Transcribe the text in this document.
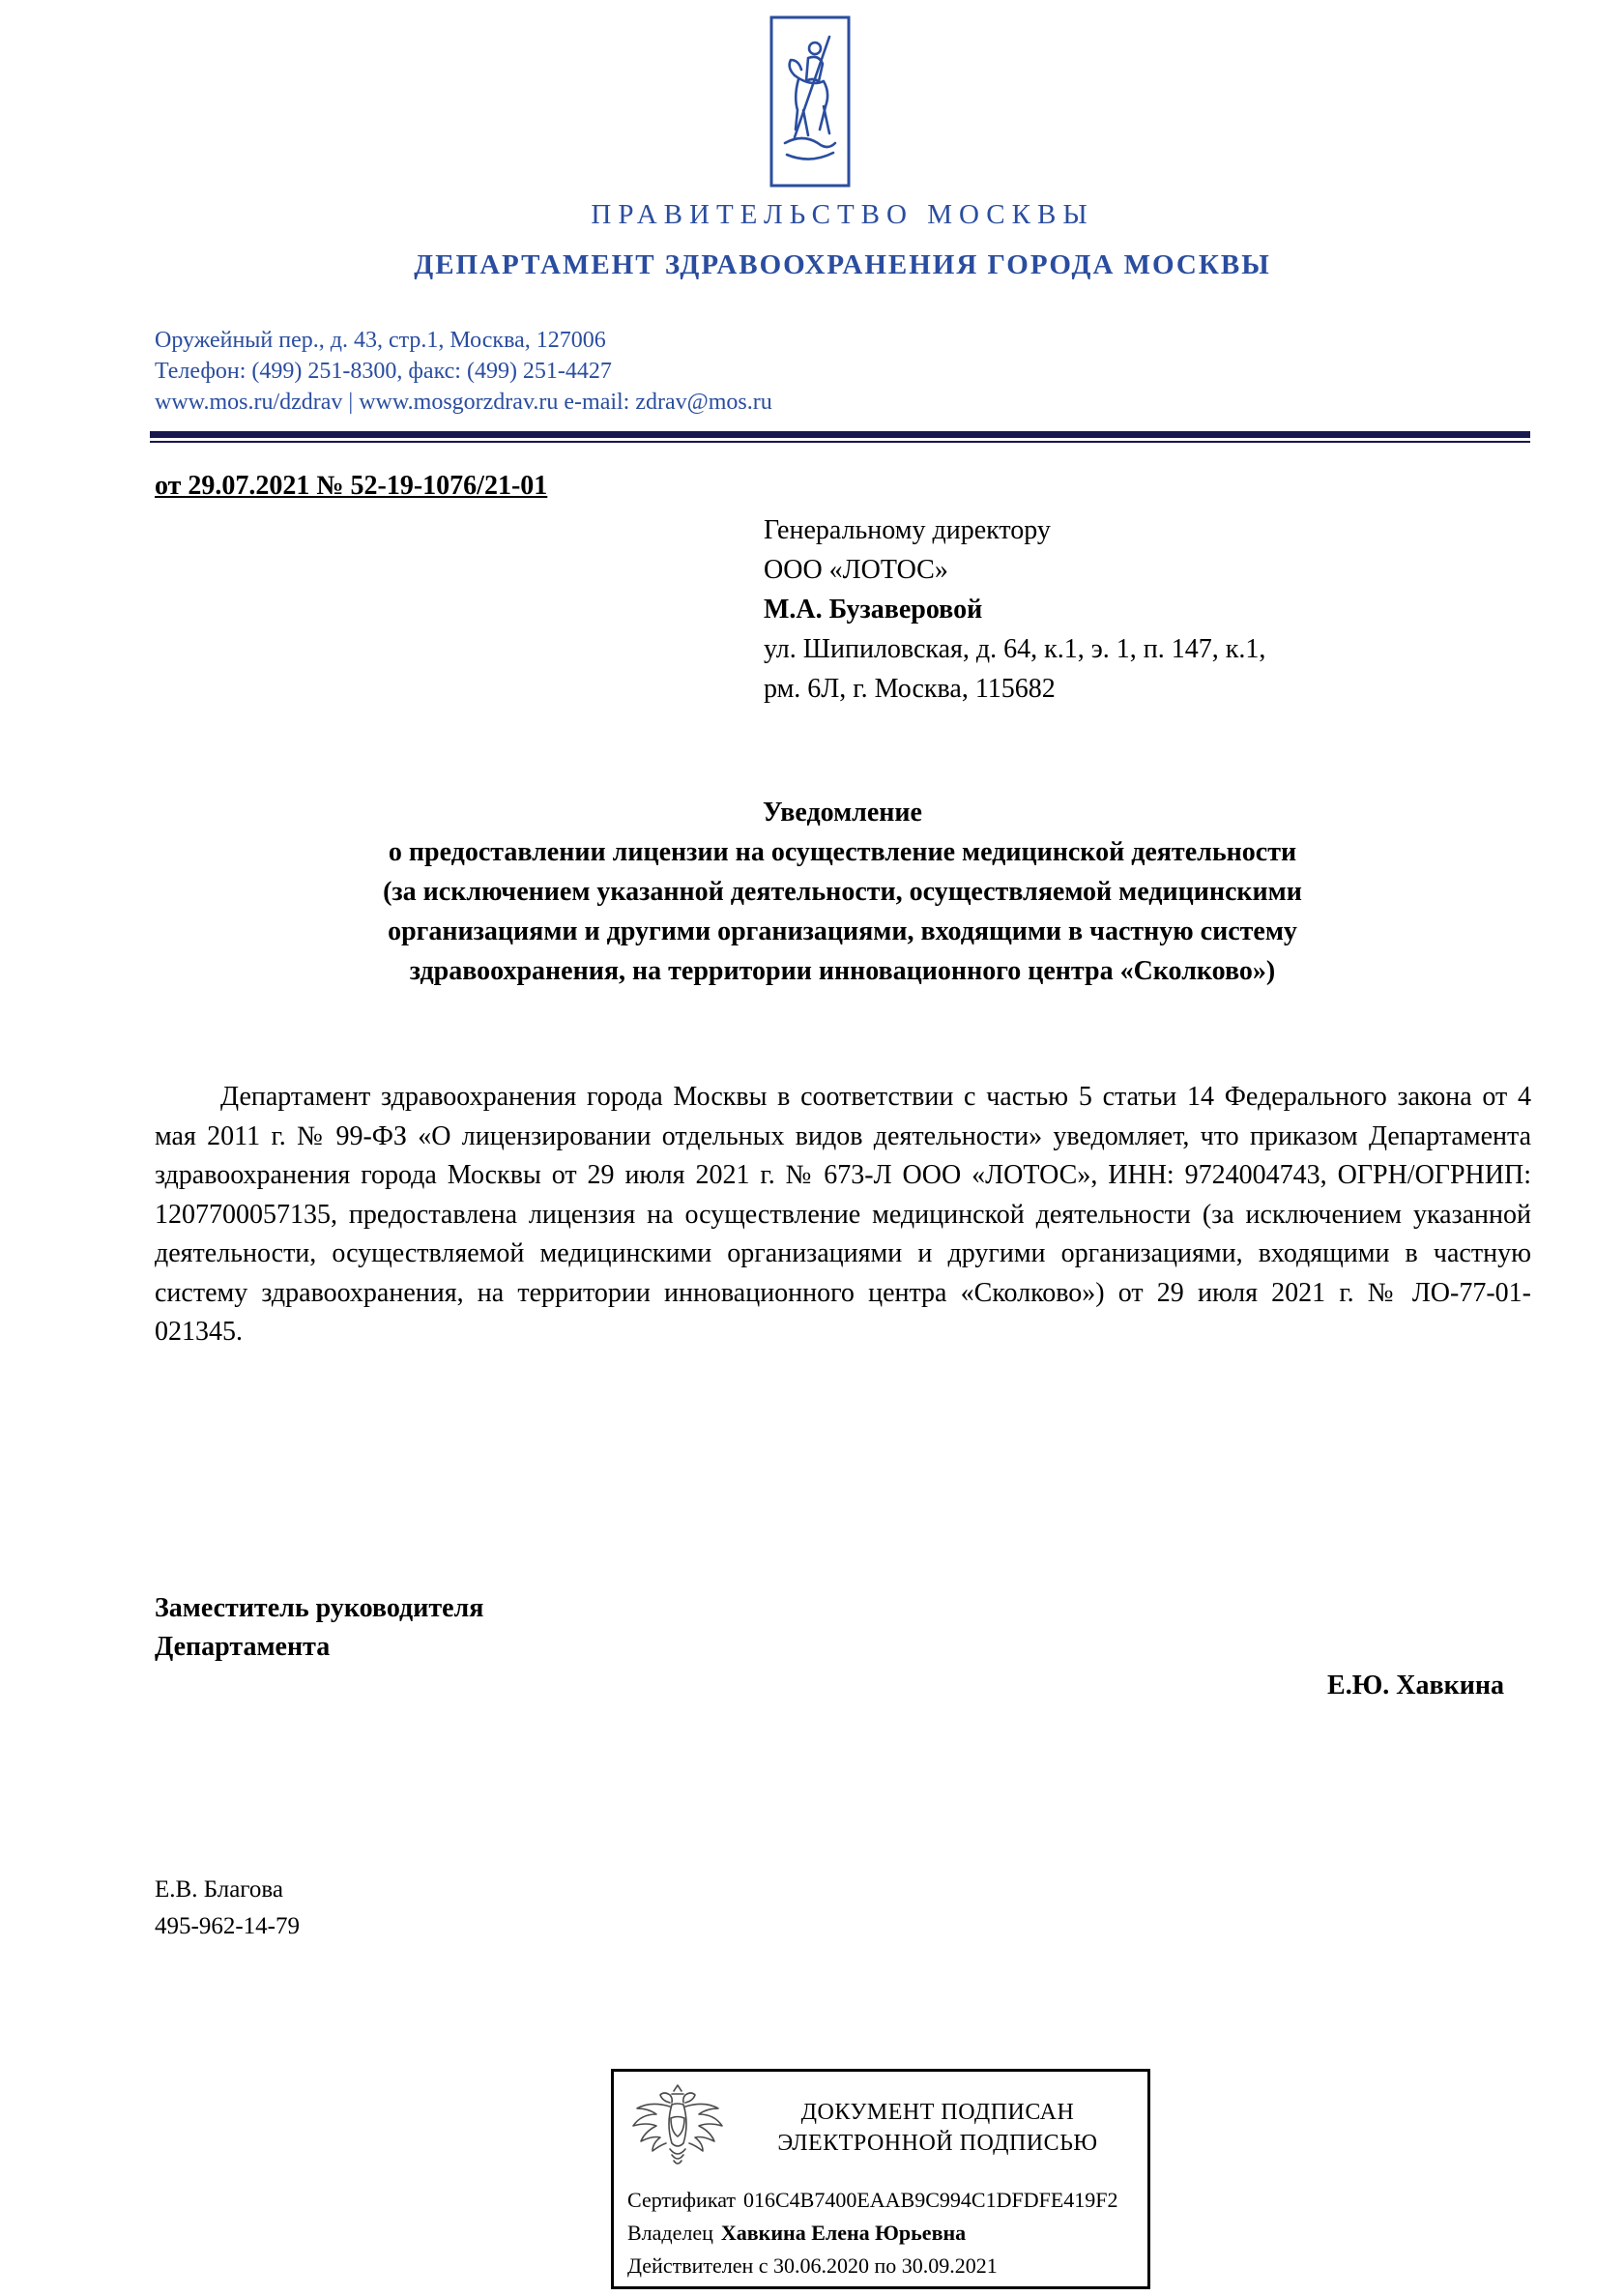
ПРАВИТЕЛЬСТВО МОСКВЫ
ДЕПАРТАМЕНТ ЗДРАВООХРАНЕНИЯ ГОРОДА МОСКВЫ
Оружейный пер., д. 43, стр.1, Москва, 127006
Телефон: (499) 251-8300, факс: (499) 251-4427
www.mos.ru/dzdrav | www.mosgorzdrav.ru e-mail: zdrav@mos.ru
от 29.07.2021 № 52-19-1076/21-01
Генеральному директору
ООО «ЛОТОС»
М.А. Бузаверовой
ул. Шипиловская, д. 64, к.1, э. 1, п. 147, к.1,
рм. 6Л, г. Москва, 115682
Уведомление
о предоставлении лицензии на осуществление медицинской деятельности
(за исключением указанной деятельности, осуществляемой медицинскими
организациями и другими организациями, входящими в частную систему
здравоохранения, на территории инновационного центра «Сколково»)

Департамент здравоохранения города Москвы в соответствии с частью 5 статьи 14 Федерального закона от 4 мая 2011 г. № 99-ФЗ «О лицензировании отдельных видов деятельности» уведомляет, что приказом Департамента здравоохранения города Москвы от 29 июля 2021 г. № 673-Л ООО «ЛОТОС», ИНН: 9724004743, ОГРН/ОГРНИП: 1207700057135, предоставлена лицензия на осуществление медицинской деятельности (за исключением указанной деятельности, осуществляемой медицинскими организациями и другими организациями, входящими в частную систему здравоохранения, на территории инновационного центра «Сколково») от 29 июля 2021 г. № ЛО-77-01-021345.

Заместитель руководителя
Департамента
Е.Ю. Хавкина
Е.В. Благова
495-962-14-79
ДОКУМЕНТ ПОДПИСАН
ЭЛЕКТРОННОЙ ПОДПИСЬЮ
Сертификат 016C4B7400EAAB9C994C1DFDFE419F2
Владелец Хавкина Елена Юрьевна
Действителен с 30.06.2020 по 30.09.2021
